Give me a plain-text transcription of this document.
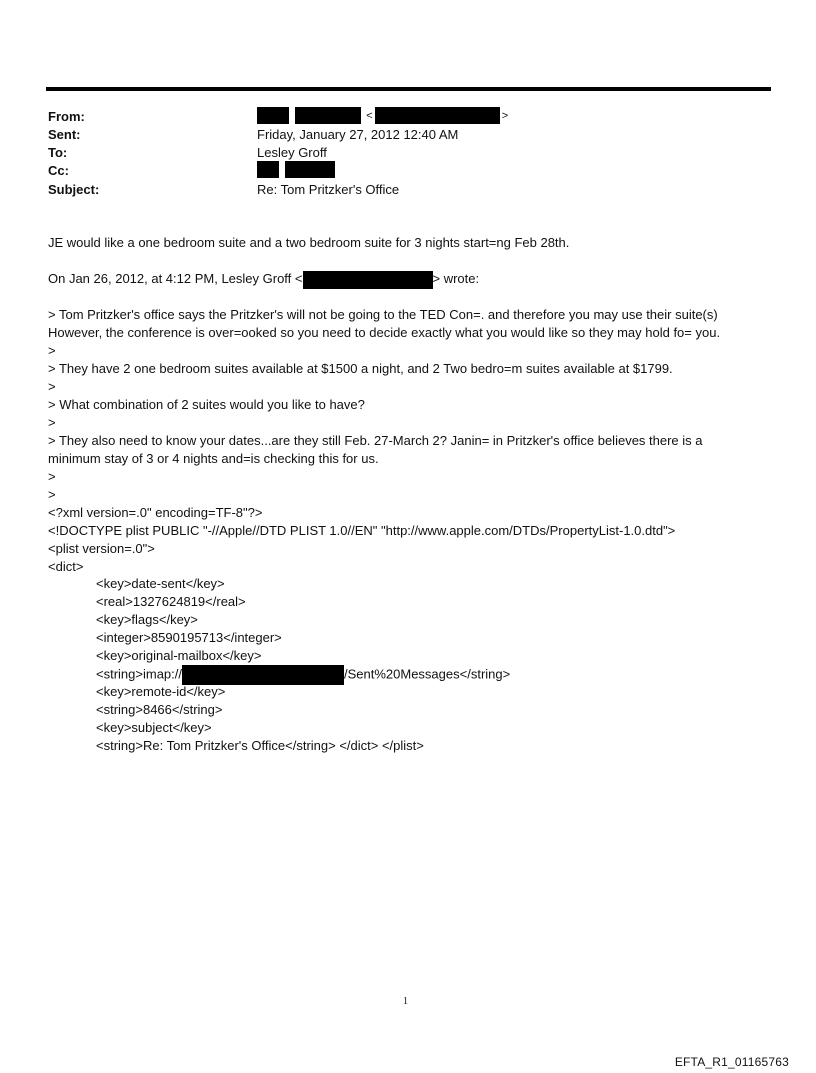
From:	<	>
Sent:	Friday, January 27, 2012 12:40 AM
To:	Lesley Groff
Cc:

Subject:	Re: Tom Pritzker's Office
JE would like a one bedroom suite and a two bedroom suite for 3 nights start=ng Feb 28th.
On Jan 26, 2012, at 4:12 PM, Lesley Groff <	> wrote:
> Tom Pritzker's office says the Pritzker's will not be going to the TED Con=. and therefore you may use their suite(s)
However, the conference is over=ooked so you need to decide exactly what you would like so they may hold fo= you.
>
> They have 2 one bedroom suites available at $1500 a night, and 2 Two bedro=m suites available at $1799.
>
> What combination of 2 suites would you like to have?
>
> They also need to know your dates...are they still Feb. 27-March 2? Janin= in Pritzker's office believes there is a
minimum stay of 3 or 4 nights and=is checking this for us.
>
>
<?xml version=.0" encoding=TF-8"?>
<!DOCTYPE plist PUBLIC "-//Apple//DTD PLIST 1.0//EN" "http://www.apple.com/DTDs/PropertyList-1.0.dtd">
<plist version=.0">
<dict>
<key>date-sent</key>
<real>1327624819</real>
<key>flags</key>
<integer>8590195713</integer>
<key>original-mailbox</key>
<string>imap://	/Sent%20Messages</string>
<key>remote-id</key>
<string>8466</string>
<key>subject</key>
<string>Re: Tom Pritzker's Office</string> </dict> </plist>
1
EFTA_R1_01165763
